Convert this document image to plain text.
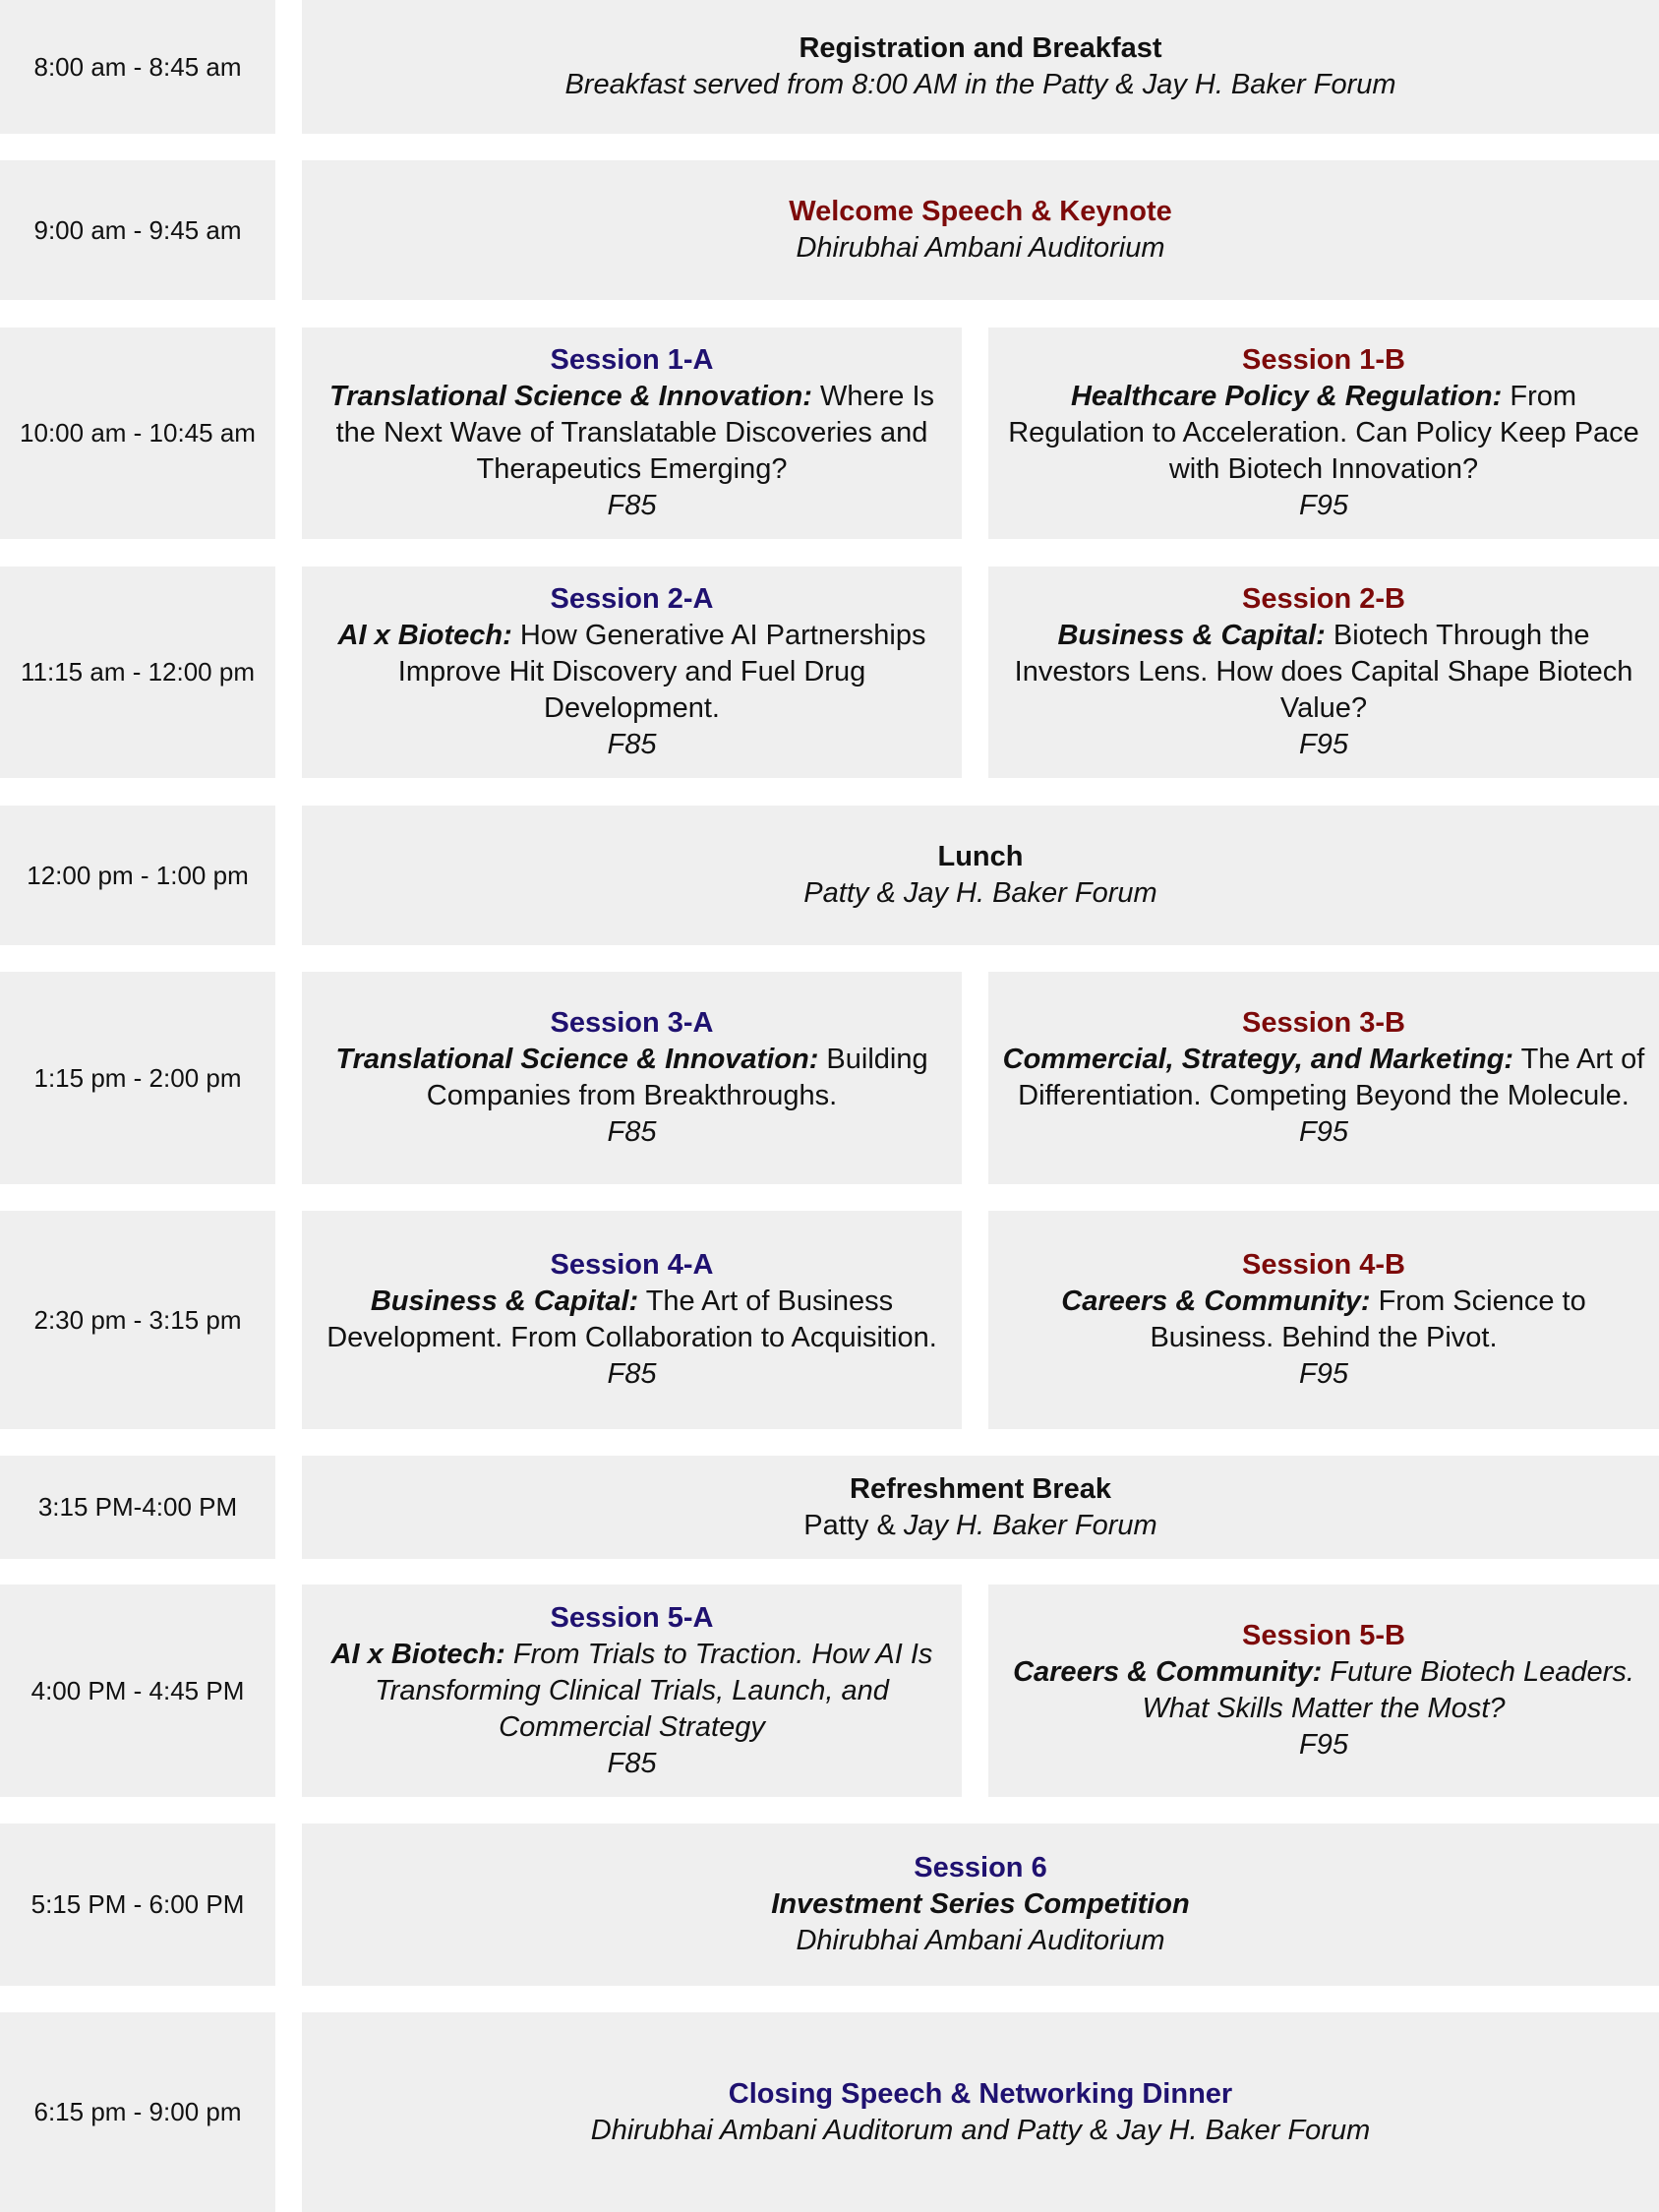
8:00 am - 8:45 am
Registration and Breakfast
Breakfast served from 8:00 AM in the Patty & Jay H. Baker Forum
9:00 am - 9:45 am
Welcome Speech & Keynote
Dhirubhai Ambani Auditorium
10:00 am - 10:45 am
Session 1-A
Translational Science & Innovation: Where Is the Next Wave of Translatable Discoveries and Therapeutics Emerging?
F85
Session 1-B
Healthcare Policy & Regulation: From Regulation to Acceleration. Can Policy Keep Pace with Biotech Innovation?
F95
11:15 am - 12:00 pm
Session 2-A
AI x Biotech: How Generative AI Partnerships Improve Hit Discovery and Fuel Drug Development.
F85
Session 2-B
Business & Capital: Biotech Through the Investors Lens. How does Capital Shape Biotech Value?
F95
12:00 pm - 1:00 pm
Lunch
Patty & Jay H. Baker Forum
1:15 pm - 2:00 pm
Session 3-A
Translational Science & Innovation: Building Companies from Breakthroughs.
F85
Session 3-B
Commercial, Strategy, and Marketing: The Art of Differentiation. Competing Beyond the Molecule.
F95
2:30 pm - 3:15 pm
Session 4-A
Business & Capital: The Art of Business Development. From Collaboration to Acquisition.
F85
Session 4-B
Careers & Community: From Science to Business. Behind the Pivot.
F95
3:15 PM-4:00 PM
Refreshment Break
Patty & Jay H. Baker Forum
4:00 PM - 4:45 PM
Session 5-A
AI x Biotech: From Trials to Traction. How AI Is Transforming Clinical Trials, Launch, and Commercial Strategy
F85
Session 5-B
Careers & Community: Future Biotech Leaders. What Skills Matter the Most?
F95
5:15 PM - 6:00 PM
Session 6
Investment Series Competition
Dhirubhai Ambani Auditorium
6:15 pm - 9:00 pm
Closing Speech & Networking Dinner
Dhirubhai Ambani Auditorum and Patty & Jay H. Baker Forum
